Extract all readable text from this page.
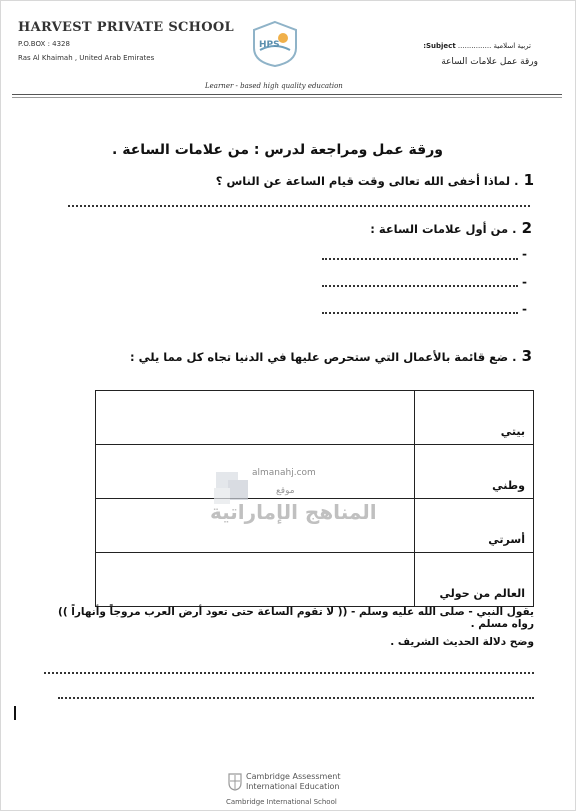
HARVEST PRIVATE SCHOOL
P.O.BOX : 4328
Ras Al Khaimah , United Arab Emirates
HPS	تربية اسلامية ............... Subject:
ورقة عمل علامات الساعة
Learner - based high quality education
ورقة عمل ومراجعة لدرس : من علامات الساعة .
1 . لماذا أخفى الله تعالى وقت قيام الساعة عن الناس ؟
2 . من أول علامات الساعة :
-
-
-
3 . ضع قائمة بالأعمال التي ستحرص عليها في الدنيا تجاه كل مما يلي :
	بيتي
	وطني
	أسرتي
	العالم من حولي
almanahj.com
موقع
المناهج الإماراتية
يقول النبي - صلى الله عليه وسلم - (( لا تقوم الساعة حتى تعود أرض العرب مروجاً وأنهاراً )) رواه مسلم .
وضح دلالة الحديث الشريف .
Cambridge Assessment
International Education
Cambridge International School
